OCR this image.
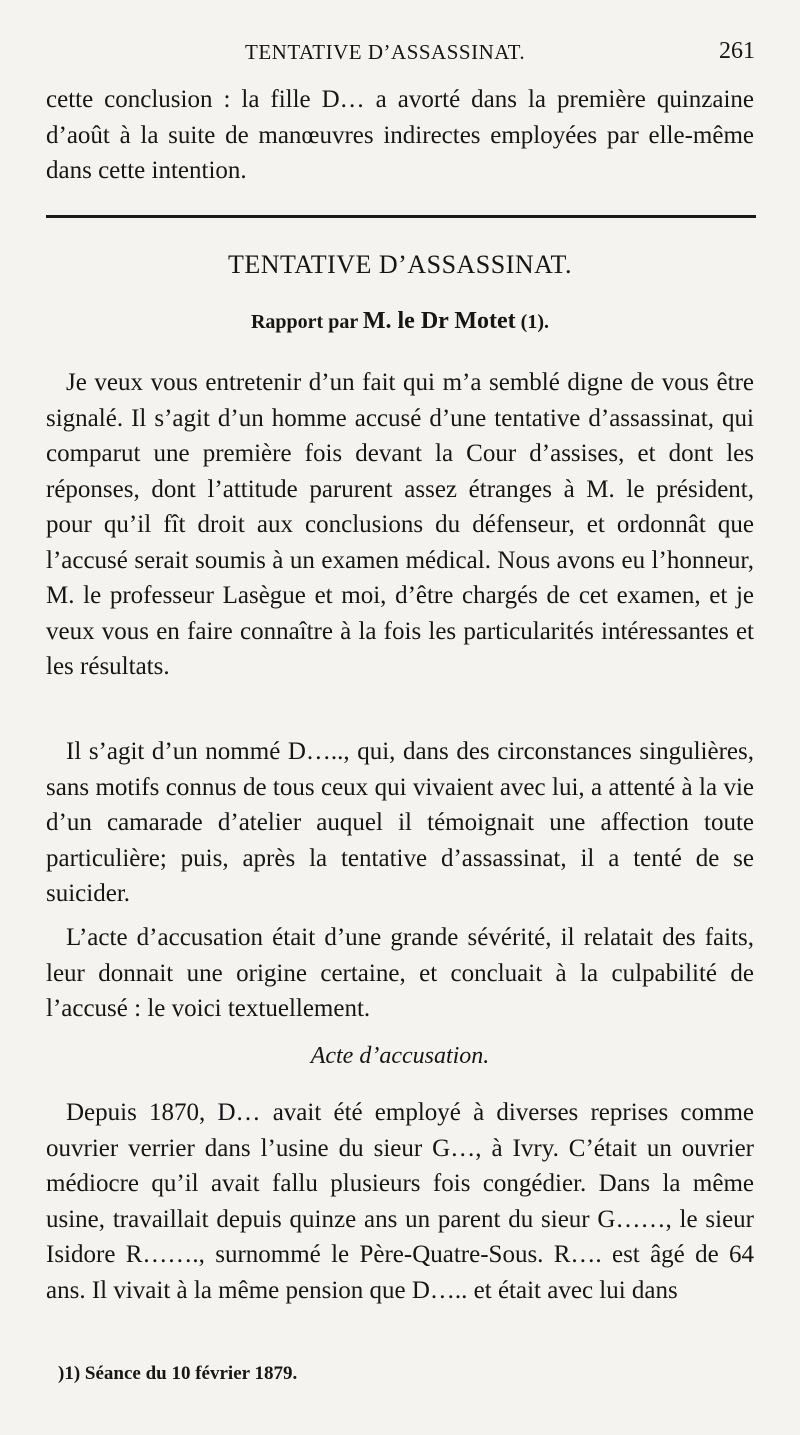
TENTATIVE D’ASSASSINAT.	261

cette conclusion : la fille D… a avorté dans la première quinzaine d’août à la suite de manœuvres indirectes employées par elle-même dans cette intention.

TENTATIVE D’ASSASSINAT.
Rapport par M. le Dr Motet (1).

Je veux vous entretenir d’un fait qui m’a semblé digne de vous être signalé. Il s’agit d’un homme accusé d’une tentative d’assassinat, qui comparut une première fois devant la Cour d’assises, et dont les réponses, dont l’attitude parurent assez étranges à M. le président, pour qu’il fît droit aux conclusions du défenseur, et ordonnât que l’accusé serait soumis à un examen médical. Nous avons eu l’honneur, M. le professeur Lasègue et moi, d’être chargés de cet examen, et je veux vous en faire connaître à la fois les particularités intéressantes et les résultats.

Il s’agit d’un nommé D….., qui, dans des circonstances singulières, sans motifs connus de tous ceux qui vivaient avec lui, a attenté à la vie d’un camarade d’atelier auquel il témoignait une affection toute particulière; puis, après la tentative d’assassinat, il a tenté de se suicider.

L’acte d’accusation était d’une grande sévérité, il relatait des faits, leur donnait une origine certaine, et concluait à la culpabilité de l’accusé : le voici textuellement.

Acte d’accusation.

Depuis 1870, D… avait été employé à diverses reprises comme ouvrier verrier dans l’usine du sieur G…, à Ivry. C’était un ouvrier médiocre qu’il avait fallu plusieurs fois congédier. Dans la même usine, travaillait depuis quinze ans un parent du sieur G……, le sieur Isidore R……., surnommé le Père-Quatre-Sous. R…. est âgé de 64 ans. Il vivait à la même pension que D….. et était avec lui dans

)1) Séance du 10 février 1879.
